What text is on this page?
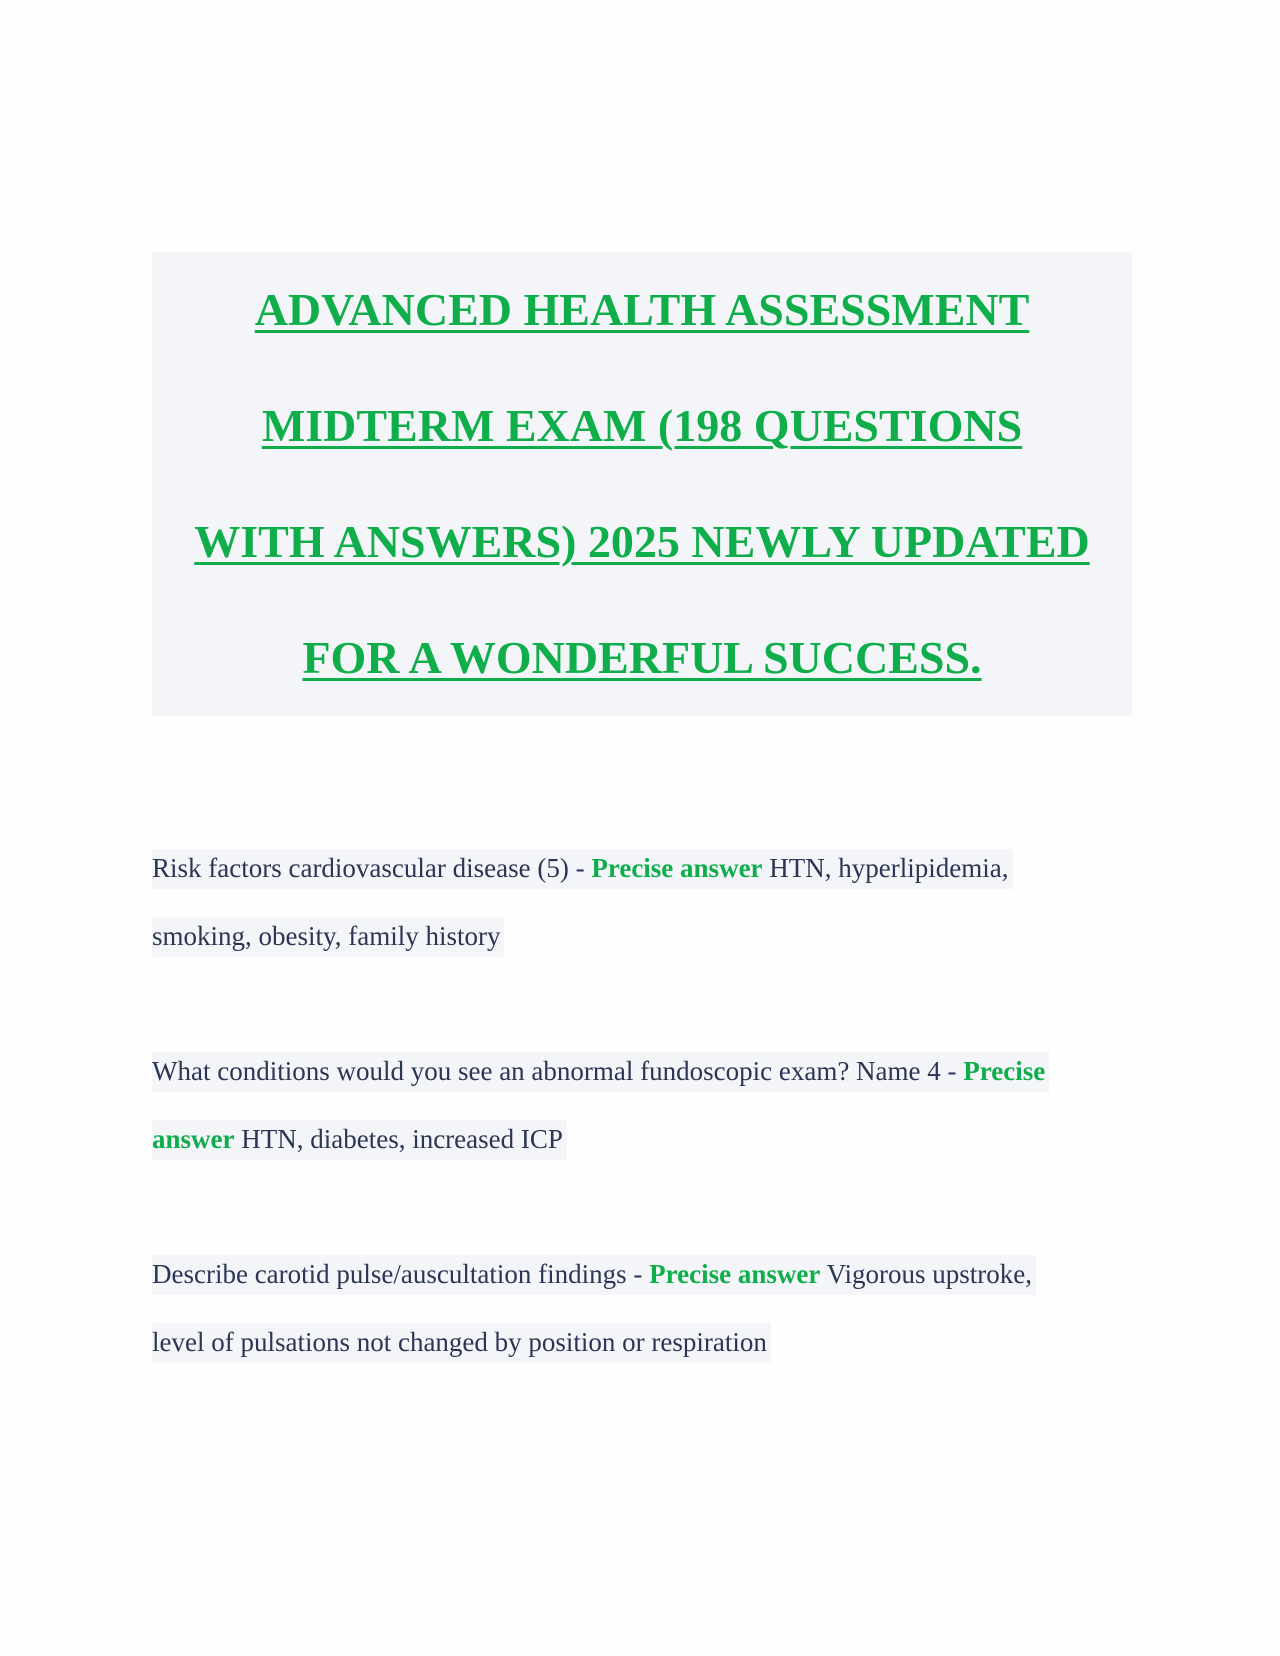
ADVANCED HEALTH ASSESSMENT
MIDTERM EXAM (198 QUESTIONS
WITH ANSWERS) 2025 NEWLY UPDATED
FOR A WONDERFUL SUCCESS.
Risk factors cardiovascular disease (5) - Precise answer HTN, hyperlipidemia,
smoking, obesity, family history
What conditions would you see an abnormal fundoscopic exam? Name 4 - Precise
answer HTN, diabetes, increased ICP
Describe carotid pulse/auscultation findings - Precise answer Vigorous upstroke,
level of pulsations not changed by position or respiration
